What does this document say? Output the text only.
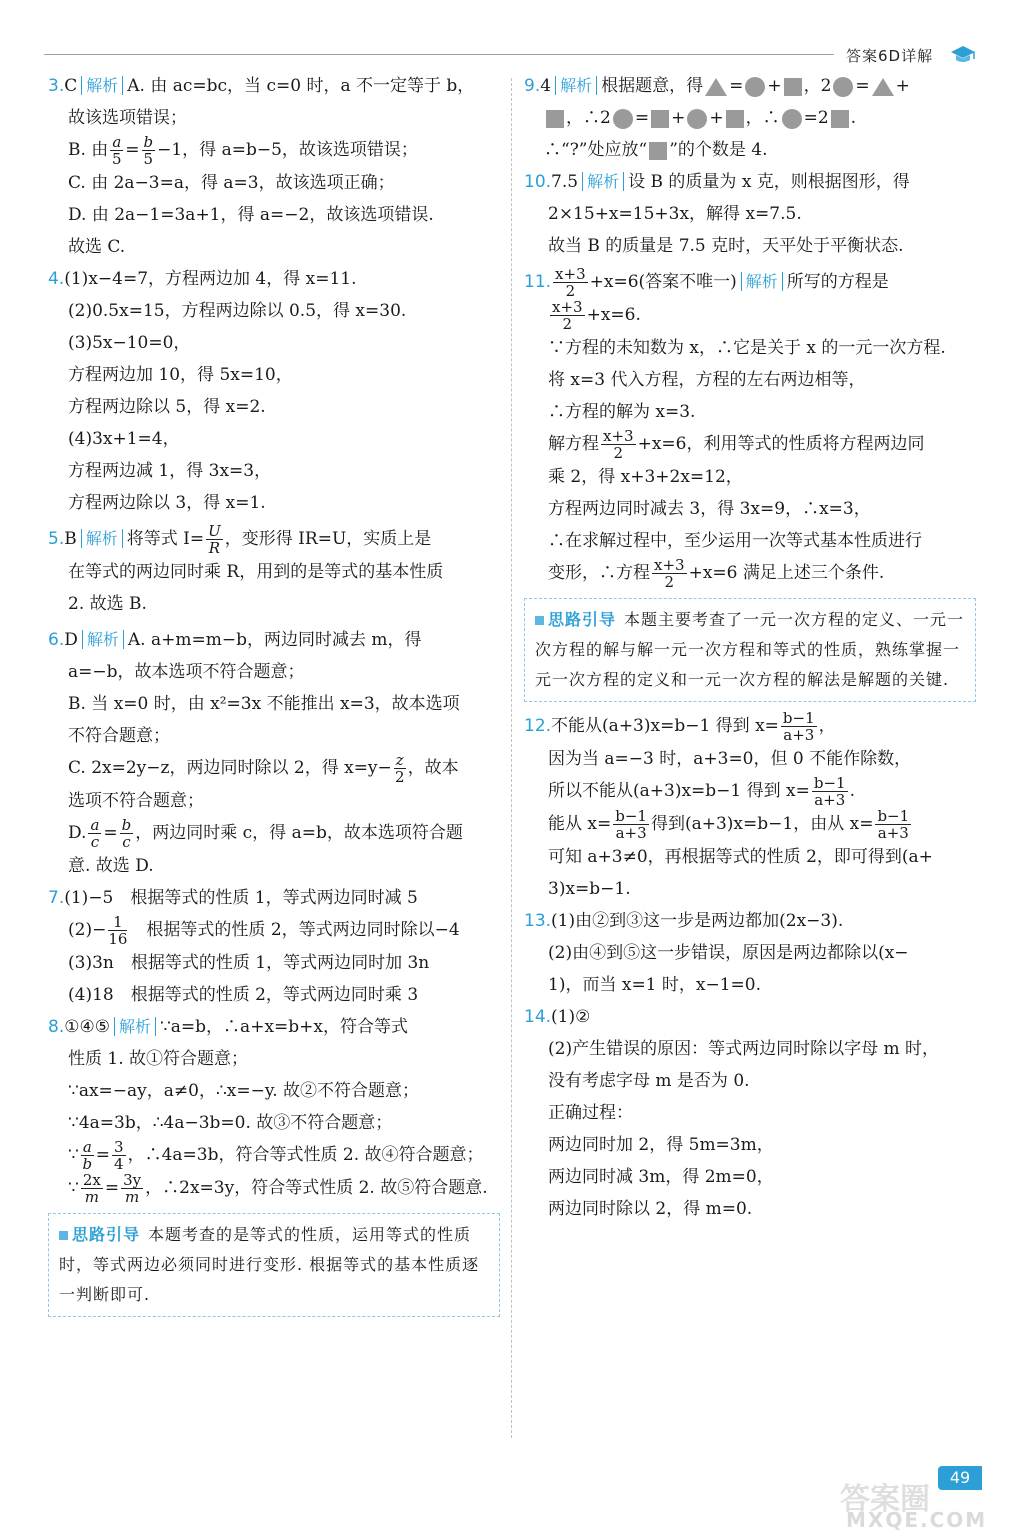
答案6D详解

3.C 解析 A. 由 ac=bc，当 c=0 时，a 不一定等于 b，

故该选项错误；

B. 由 $\frac{a}{5} = \frac{b}{5} -1$，得 a=b−5，故该选项错误；

C. 由 2a−3=a，得 a=3，故该选项正确；

D. 由 2a−1=3a+1，得 a=−2，故该选项错误.

故选 C.

4.(1)x−4=7，方程两边加 4，得 x=11.

(2)0.5x=15，方程两边除以 0.5，得 x=30.

(3)5x−10=0，

方程两边加 10，得 5x=10，

方程两边除以 5，得 x=2.

(4)3x+1=4，

方程两边减 1，得 3x=3，

方程两边除以 3，得 x=1.

5.B 解析 将等式 $I= \frac{U}{R}$ ，变形得 IR=U，实质上是

在等式的两边同时乘 R，用到的是等式的基本性质

2. 故选 B.

6.D 解析 A. a+m=m−b，两边同时减去 m，得

a=−b，故本选项不符合题意；

B. 当 x=0 时，由 x²=3x 不能推出 x=3，故本选项

不符合题意；

C. 2x=2y−z，两边同时除以 2，得 $x=y- \frac{z}{2}$ ，故本

选项不符合题意；

D. $\frac{a}{c} = \frac{b}{c}$ ，两边同时乘 c，得 a=b，故本选项符合题

意. 故选 D.

7.(1)−5　根据等式的性质 1，等式两边同时减 5

$(2)- \frac{1}{16}$ 　根据等式的性质 2，等式两边同时除以−4

(3)3n　根据等式的性质 1，等式两边同时加 3n

(4)18　根据等式的性质 2，等式两边同时乘 3

8.①④⑤ 解析 ∵a=b，∴a+x=b+x，符合等式

性质 1. 故①符合题意；

∵ax=−ay，a≠0，∴x=−y. 故②不符合题意；

∵4a=3b，∴4a−3b=0. 故③不符合题意；

∵ $\frac{a}{b} = \frac{3}{4}$ ，∴4a=3b，符合等式性质 2. 故④符合题意；

∵ $\frac{2x}{m} = \frac{3y}{m}$ ，∴2x=3y，符合等式性质 2. 故⑤符合题意.

思路引导 本题考查的是等式的性质，运用等式的性质时，等式两边必须同时进行变形. 根据等式的基本性质逐一判断即可.

9.4 解析 根据题意，得 = + ，2 = +

，∴2 = + + ，∴ =2 .

∴“?”处应放“ ”的个数是 4.

10.7.5 解析 设 B 的质量为 x 克，则根据图形，得

2×15+x=15+3x，解得 x=7.5.

故当 B 的质量是 7.5 克时，天平处于平衡状态.

11. $\frac{x+3}{2} +x=6$(答案不唯一) 解析 所写的方程是

$\frac{x+3}{2} +x=6$.

∵方程的未知数为 x，∴它是关于 x 的一元一次方程.

将 x=3 代入方程，方程的左右两边相等，

∴方程的解为 x=3.

解方程 $\frac{x+3}{2} +x=6$，利用等式的性质将方程两边同

乘 2，得 x+3+2x=12，

方程两边同时减去 3，得 3x=9，∴x=3，

∴在求解过程中，至少运用一次等式基本性质进行

变形，∴方程 $\frac{x+3}{2} +x=6$ 满足上述三个条件.

思路引导 本题主要考查了一元一次方程的定义、一元一次方程的解与解一元一次方程和等式的性质，熟练掌握一元一次方程的定义和一元一次方程的解法是解题的关键.

12.不能从(a+3)x=b−1 得到 $x= \frac{b-1}{a+3}$ ，

因为当 a=−3 时，a+3=0，但 0 不能作除数，

所以不能从(a+3)x=b−1 得到 $x= \frac{b-1}{a+3}$ .

能从 $x= \frac{b-1}{a+3}$ 得到(a+3)x=b−1，由从 $x= \frac{b-1}{a+3}$

可知 a+3≠0，再根据等式的性质 2，即可得到(a+

3)x=b−1.

13.(1)由②到③这一步是两边都加(2x−3).

(2)由④到⑤这一步错误，原因是两边都除以(x−

1)，而当 x=1 时，x−1=0.

14.(1)②

(2)产生错误的原因：等式两边同时除以字母 m 时，

没有考虑字母 m 是否为 0.

正确过程：

两边同时加 2，得 5m=3m，

两边同时减 3m，得 2m=0，

两边同时除以 2，得 m=0.

答案圈
MXQE.COM
49
